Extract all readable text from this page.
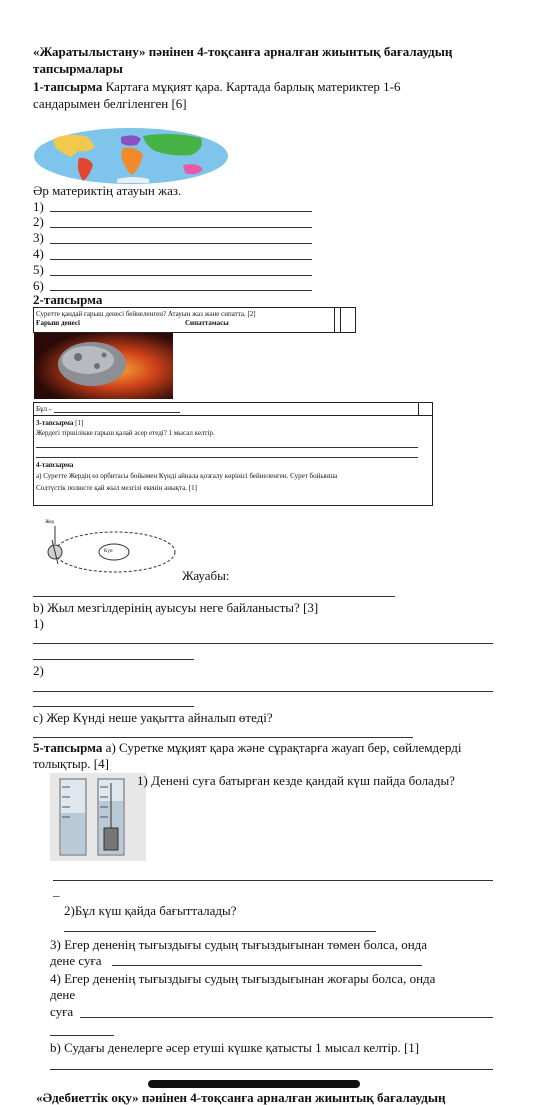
«Жаратылыстану» пәнінен 4-тоқсанға арналған жиынтық бағалаудың
тапсырмалары
1-тапсырма Картаға мұқият қара. Картада барлық материктер 1-6
сандарымен белгіленген [6]
Әр материктің атауын жаз.
1)
2)
3)
4)
5)
6)
2-тапсырма
Суретте қандай ғарыш денесі бейнеленген? Атауын жаз және сипатта. [2]
Ғарыш денесі	Сипаттамасы
Бұл -
3-тапсырма [1]
Жердегі тіршілікке ғарыш қалай әсер етеді? 1 мысал келтір.
4-тапсырма
а) Суретте Жердің өз орбитасы бойымен Күнді айнала қозғалу көрінісі бейнеленген. Сурет бойынша
Солтүстік полюсте қай жыл мезгілі екенін анықта. [1]
Күн
Жер
Жауабы:
b) Жыл мезгілдерінің ауысуы неге байланысты? [3]
1)
2)
c) Жер Күнді неше уақытта айналып өтеді?
5-тапсырма а) Суретке мұқият қара және сұрақтарға жауап бер, сөйлемдерді
толықтыр. [4]
1) Денені суға батырған кезде қандай күш пайда болады?
_
2)Бұл күш қайда бағытталады?
3) Егер дененің тығыздығы судың тығыздығынан төмен болса, онда
дене суға
4) Егер дененің тығыздығы судың тығыздығынан жоғары болса, онда
дене
суға
b) Судағы денелерге әсер етуші күшке қатысты 1 мысал келтір. [1]
«Әдебиеттік оқу» пәнінен 4-тоқсанға арналған жиынтық бағалаудың
